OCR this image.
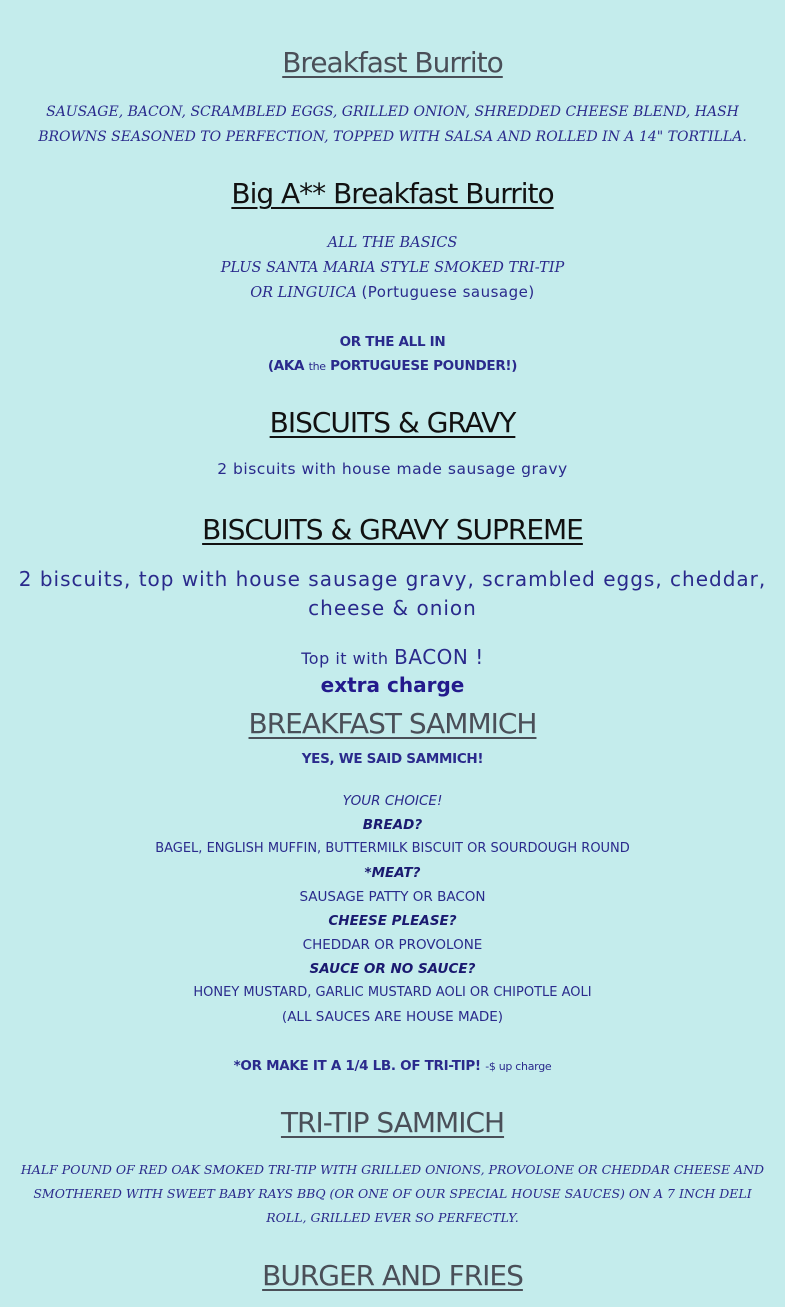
Breakfast Burrito
SAUSAGE, BACON, SCRAMBLED EGGS, GRILLED ONION, SHREDDED CHEESE BLEND, HASH
BROWNS SEASONED TO PERFECTION, TOPPED WITH SALSA AND ROLLED IN A 14" TORTILLA.
Big A** Breakfast Burrito
ALL THE BASICS
PLUS SANTA MARIA STYLE SMOKED TRI-TIP
OR LINGUICA (Portuguese sausage)
OR THE ALL IN
(AKA the PORTUGUESE POUNDER!)
BISCUITS & GRAVY
2 biscuits with house made sausage gravy
BISCUITS & GRAVY SUPREME
2 biscuits, top with house sausage gravy, scrambled eggs, cheddar,
cheese & onion
Top it with BACON !
extra charge
BREAKFAST SAMMICH
YES, WE SAID SAMMICH!
YOUR CHOICE!
BREAD?
BAGEL, ENGLISH MUFFIN, BUTTERMILK BISCUIT OR SOURDOUGH ROUND
*MEAT?
SAUSAGE PATTY OR BACON
CHEESE PLEASE?
CHEDDAR OR PROVOLONE
SAUCE OR NO SAUCE?
HONEY MUSTARD, GARLIC MUSTARD AOLI OR CHIPOTLE AOLI
(ALL SAUCES ARE HOUSE MADE)
*OR MAKE IT A 1/4 LB. OF TRI-TIP! -$ up charge
TRI-TIP SAMMICH
HALF POUND OF RED OAK SMOKED TRI-TIP WITH GRILLED ONIONS, PROVOLONE OR CHEDDAR CHEESE AND
SMOTHERED WITH SWEET BABY RAYS BBQ (OR ONE OF OUR SPECIAL HOUSE SAUCES) ON A 7 INCH DELI
ROLL, GRILLED EVER SO PERFECTLY.
BURGER AND FRIES
